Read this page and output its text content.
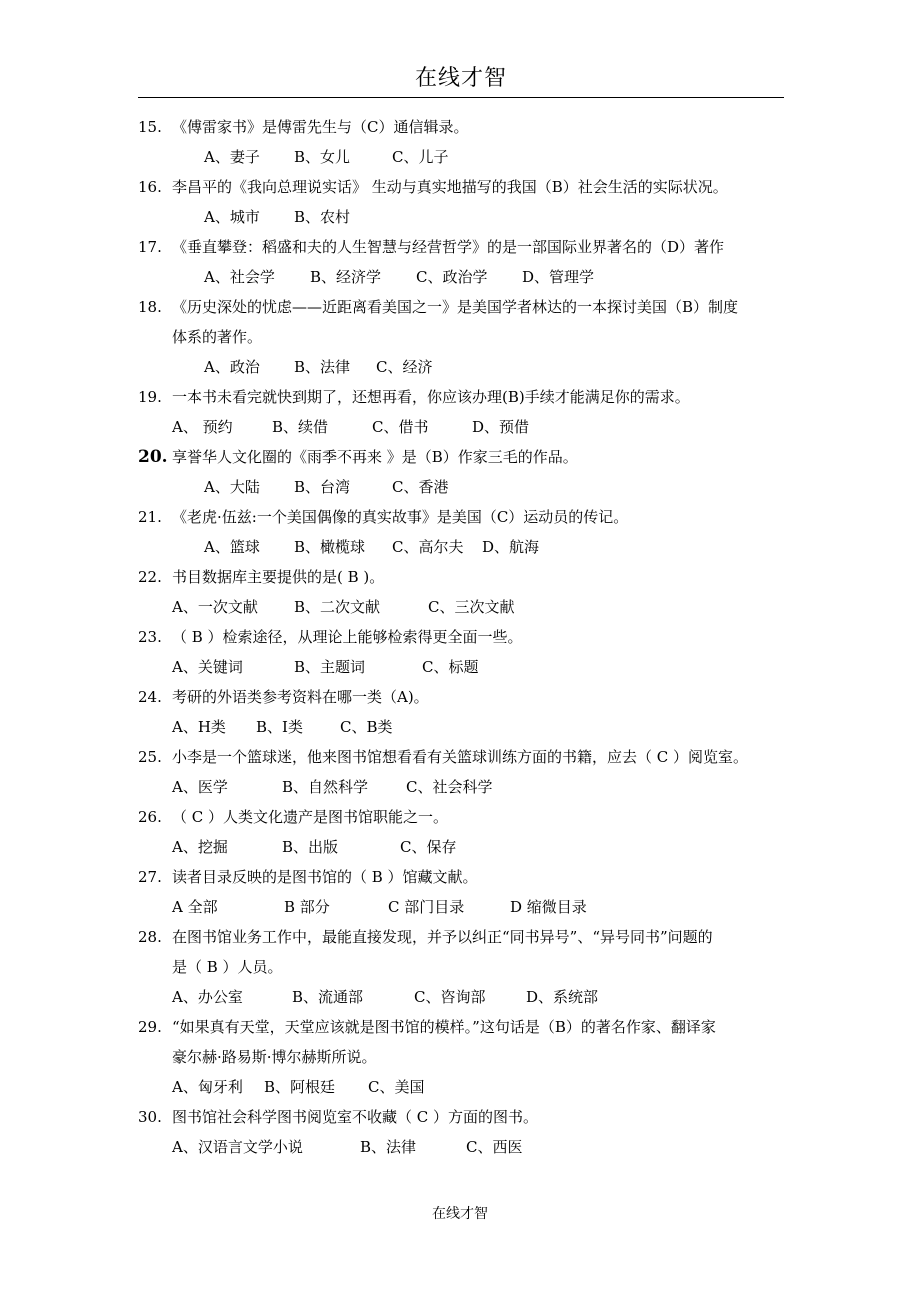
在线才智
15. 《傅雷家书》是傅雷先生与（C）通信辑录。
A、妻子 B、女儿	C、儿子
16. 李昌平的《我向总理说实话》 生动与真实地描写的我国（B）社会生活的实际状况。
A、城市 B、农村
17. 《垂直攀登：稻盛和夫的人生智慧与经营哲学》的是一部国际业界著名的（D）著作
A、社会学 B、经济学 C、政治学 D、管理学
18. 《历史深处的忧虑——近距离看美国之一》是美国学者林达的一本探讨美国（B）制度
体系的著作。
A、政治 B、法律 C、经济
19. 一本书未看完就快到期了，还想再看，你应该办理(B)手续才能满足你的需求。
A、 预约	B、续借	C、借书	D、预借
20. 享誉华人文化圈的《雨季不再来 》是（B）作家三毛的作品。
A、大陆 B、台湾	C、香港
21. 《老虎·伍兹:一个美国偶像的真实故事》是美国（C）运动员的传记。
A、篮球 B、橄榄球 C、高尔夫 D、航海
22. 书目数据库主要提供的是( B )。
A、一次文献 B、二次文献	C、三次文献
23. （ B ）检索途径，从理论上能够检索得更全面一些。
A、关键词	B、主题词	C、标题
24. 考研的外语类参考资料在哪一类（A)。
A、H类 B、I类 C、B类
25. 小李是一个篮球迷，他来图书馆想看看有关篮球训练方面的书籍，应去（ C ）阅览室。
A、医学	B、自然科学	C、社会科学
26. （ C ）人类文化遗产是图书馆职能之一。
A、挖掘	B、出版	C、保存
27. 读者目录反映的是图书馆的（ B ）馆藏文献。
A 全部	B 部分	C 部门目录	D 缩微目录
28. 在图书馆业务工作中，最能直接发现，并予以纠正“同书异号”、“异号同书”问题的
是（ B ）人员。
A、办公室	B、流通部	C、咨询部	D、系统部
29. “如果真有天堂，天堂应该就是图书馆的模样。”这句话是（B）的著名作家、翻译家
豪尔赫·路易斯·博尔赫斯所说。
A、匈牙利 B、阿根廷 C、美国
30. 图书馆社会科学图书阅览室不收藏（ C ）方面的图书。
A、汉语言文学小说	B、法律	C、西医
在线才智
